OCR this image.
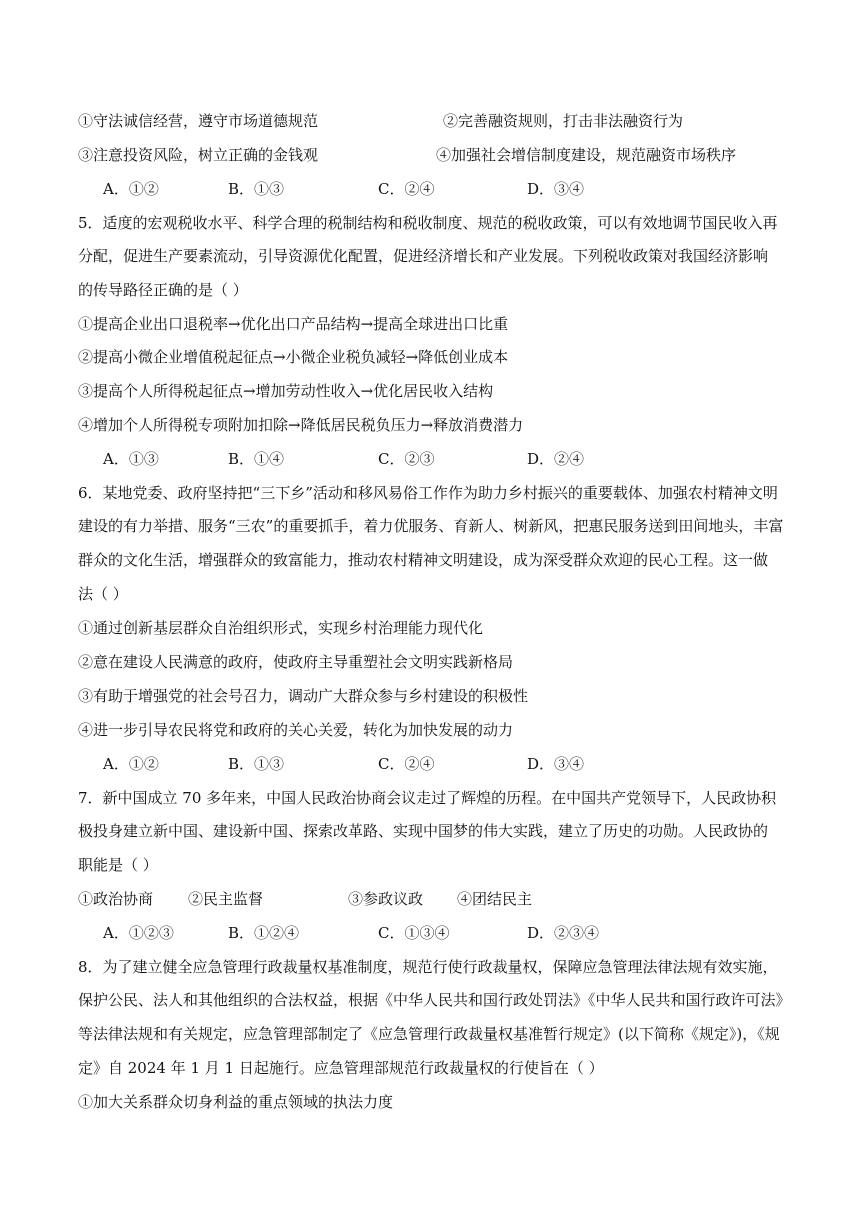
①守法诚信经营，遵守市场道德规范	②完善融资规则，打击非法融资行为
③注意投资风险，树立正确的金钱观	④加强社会增信制度建设，规范融资市场秩序
A．①②	B．①③	C．②④	D．③④
5．适度的宏观税收水平、科学合理的税制结构和税收制度、规范的税收政策，可以有效地调节国民收入再
分配，促进生产要素流动，引导资源优化配置，促进经济增长和产业发展。下列税收政策对我国经济影响
的传导路径正确的是（ ）
①提高企业出口退税率→优化出口产品结构→提高全球进出口比重
②提高小微企业增值税起征点→小微企业税负减轻→降低创业成本
③提高个人所得税起征点→增加劳动性收入→优化居民收入结构
④增加个人所得税专项附加扣除→降低居民税负压力→释放消费潜力
A．①③	B．①④	C．②③	D．②④
6．某地党委、政府坚持把“三下乡”活动和移风易俗工作作为助力乡村振兴的重要载体、加强农村精神文明
建设的有力举措、服务“三农”的重要抓手，着力优服务、育新人、树新风，把惠民服务送到田间地头，丰富
群众的文化生活，增强群众的致富能力，推动农村精神文明建设，成为深受群众欢迎的民心工程。这一做
法（ ）
①通过创新基层群众自治组织形式，实现乡村治理能力现代化
②意在建设人民满意的政府，使政府主导重塑社会文明实践新格局
③有助于增强党的社会号召力，调动广大群众参与乡村建设的积极性
④进一步引导农民将党和政府的关心关爱，转化为加快发展的动力
A．①②	B．①③	C．②④	D．③④
7．新中国成立 70 多年来，中国人民政治协商会议走过了辉煌的历程。在中国共产党领导下，人民政协积
极投身建立新中国、建设新中国、探索改革路、实现中国梦的伟大实践，建立了历史的功勋。人民政协的
职能是（ ）
①政治协商 ②民主监督	③参政议政 ④团结民主
A．①②③	B．①②④	C．①③④	D．②③④
8．为了建立健全应急管理行政裁量权基准制度，规范行使行政裁量权，保障应急管理法律法规有效实施，
保护公民、法人和其他组织的合法权益，根据《中华人民共和国行政处罚法》《中华人民共和国行政许可法》
等法律法规和有关规定，应急管理部制定了《应急管理行政裁量权基准暂行规定》(以下简称《规定》)，《规
定》自 2024 年 1 月 1 日起施行。应急管理部规范行政裁量权的行使旨在（ ）
①加大关系群众切身利益的重点领域的执法力度
